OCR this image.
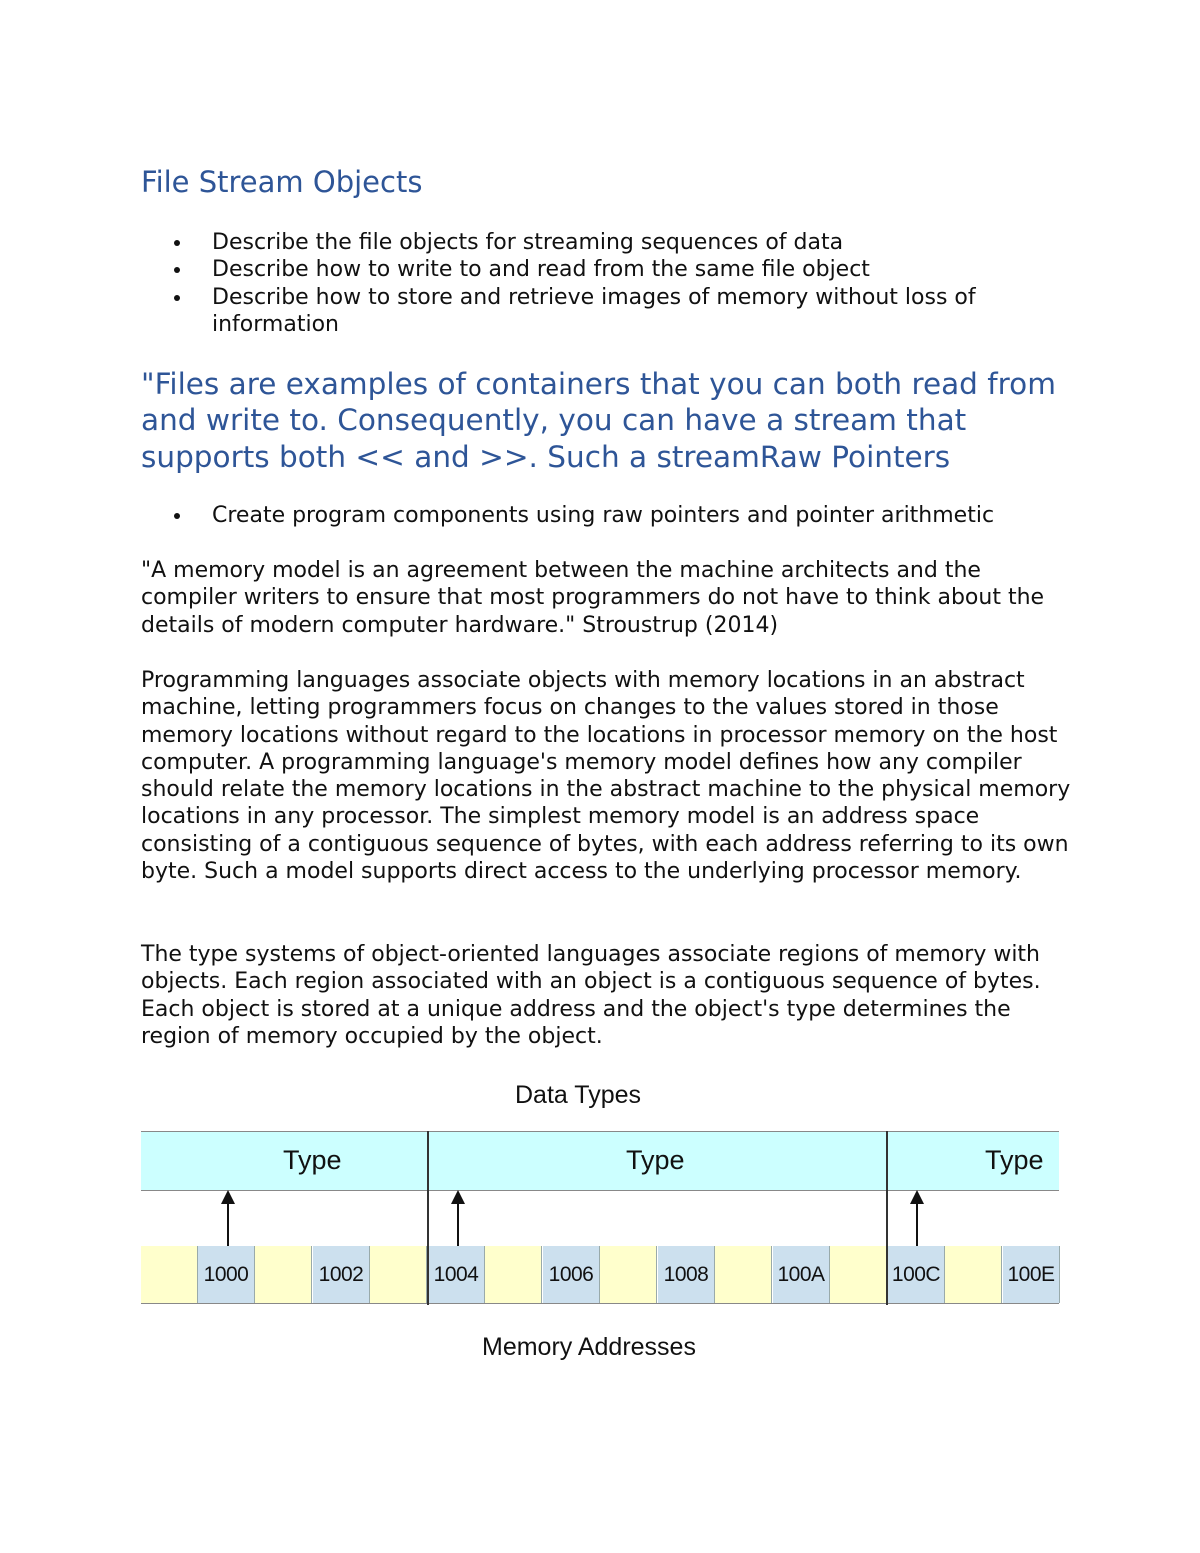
File Stream Objects
Describe the file objects for streaming sequences of data
Describe how to write to and read from the same file object
Describe how to store and retrieve images of memory without loss of information
"Files are examples of containers that you can both read from and write to. Consequently, you can have a stream that supports both << and >>. Such a streamRaw Pointers
Create program components using raw pointers and pointer arithmetic

"A memory model is an agreement between the machine architects and the compiler writers to ensure that most programmers do not have to think about the details of modern computer hardware." Stroustrup (2014)

Programming languages associate objects with memory locations in an abstract machine, letting programmers focus on changes to the values stored in those memory locations without regard to the locations in processor memory on the host computer. A programming language's memory model defines how any compiler should relate the memory locations in the abstract machine to the physical memory locations in any processor. The simplest memory model is an address space consisting of a contiguous sequence of bytes, with each address referring to its own byte. Such a model supports direct access to the underlying processor memory.

The type systems of object-oriented languages associate regions of memory with objects. Each region associated with an object is a contiguous sequence of bytes. Each object is stored at a unique address and the object's type determines the region of memory occupied by the object.

Data Types
Type	Type	Type
1000	1002	1004	1006	1008	100A	100C	100E
Memory Addresses
